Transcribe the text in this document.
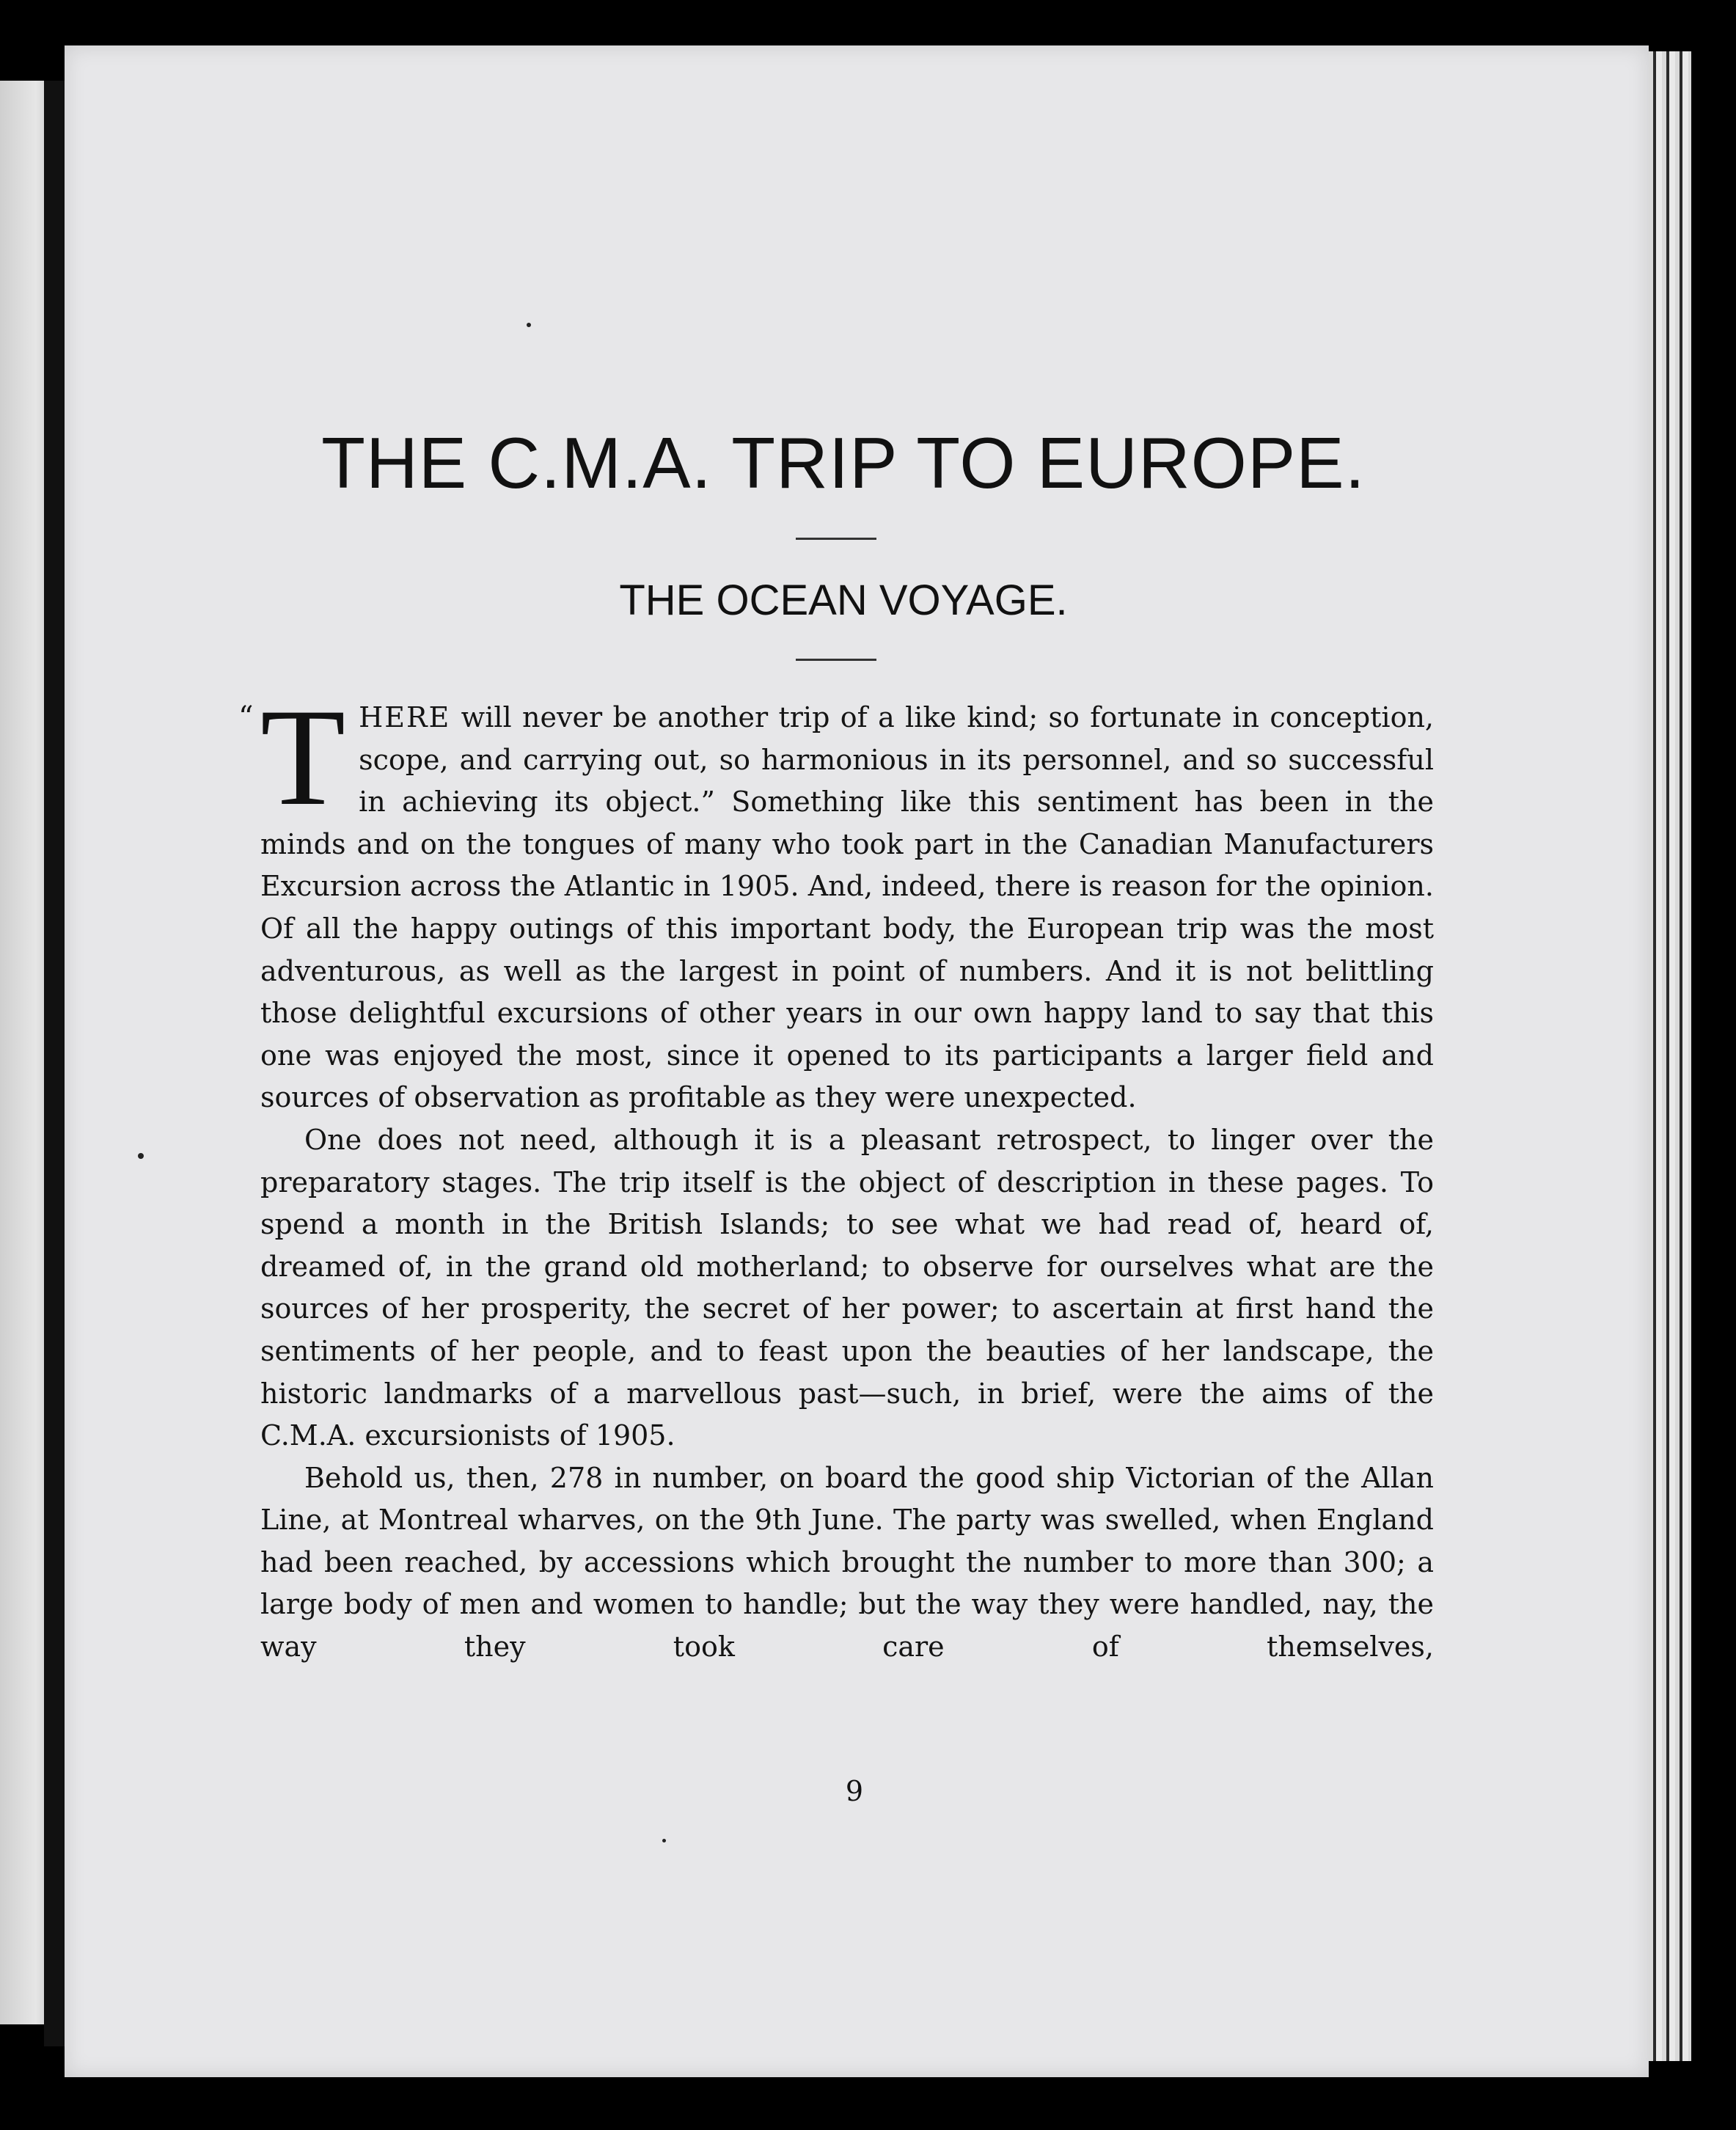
THE C.M.A. TRIP TO EUROPE.
THE OCEAN VOYAGE.

“ T HERE will never be another trip of a like kind; so fortunate in conception, scope, and carrying out, so harmonious in its personnel, and so successful in achieving its object.” Something like this sentiment has been in the minds and on the tongues of many who took part in the Canadian Manufacturers Excursion across the Atlantic in 1905. And, indeed, there is reason for the opinion. Of all the happy outings of this important body, the European trip was the most adventurous, as well as the largest in point of numbers. And it is not belittling those delightful excursions of other years in our own happy land to say that this one was enjoyed the most, since it opened to its participants a larger field and sources of observation as profitable as they were unexpected.

One does not need, although it is a pleasant retrospect, to linger over the preparatory stages. The trip itself is the object of description in these pages. To spend a month in the British Islands; to see what we had read of, heard of, dreamed of, in the grand old motherland; to observe for ourselves what are the sources of her prosperity, the secret of her power; to ascertain at first hand the sentiments of her people, and to feast upon the beauties of her landscape, the historic landmarks of a marvellous past—such, in brief, were the aims of the C.M.A. excursionists of 1905.

Behold us, then, 278 in number, on board the good ship Victorian of the Allan Line, at Montreal wharves, on the 9th June. The party was swelled, when England had been reached, by accessions which brought the number to more than 300; a large body of men and women to handle; but the way they were handled, nay, the way they took care of themselves,

9
